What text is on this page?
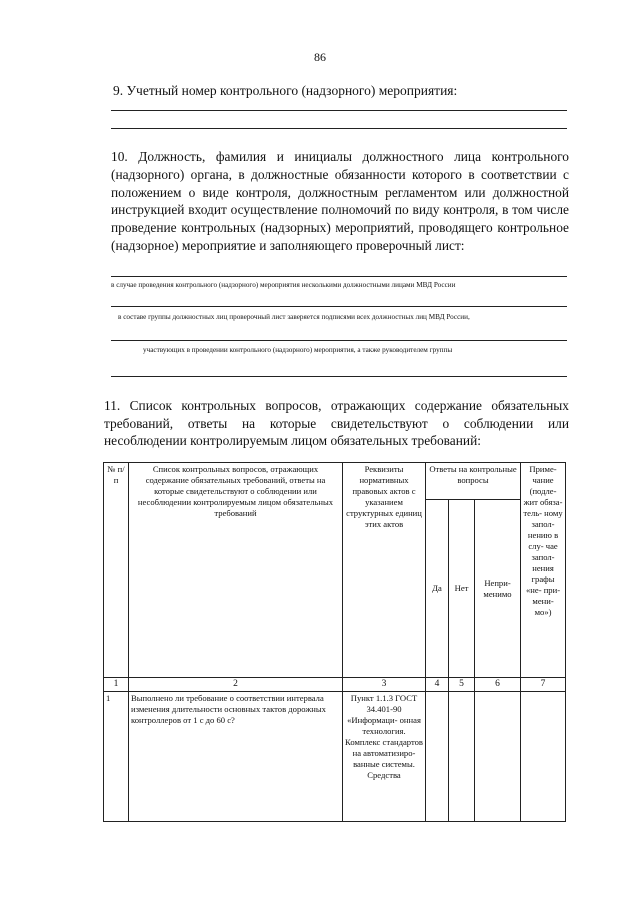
86
9. Учетный номер контрольного (надзорного) мероприятия:
10. Должность, фамилия и инициалы должностного лица контрольного (надзорного) органа, в должностные обязанности которого в соответствии с положением о виде контроля, должностным регламентом или должностной инструкцией входит осуществление полномочий по виду контроля, в том числе проведение контрольных (надзорных) мероприятий, проводящего контрольное (надзорное) мероприятие и заполняющего проверочный лист:
в случае проведения контрольного (надзорного) мероприятия несколькими должностными лицами МВД России
в составе группы должностных лиц проверочный лист заверяется подписями всех должностных лиц МВД России,
участвующих в проведении контрольного (надзорного) мероприятия, а также руководителем группы
11. Список контрольных вопросов, отражающих содержание обязательных требований, ответы на которые свидетельствуют о соблюдении или несоблюдении контролируемым лицом обязательных требований:
№ п/п	Список контрольных вопросов, отражающих содержание обязательных требований, ответы на которые свидетельствуют о соблюдении или несоблюдении контролируемым лицом обязательных требований	Реквизиты нормативных правовых актов с указанием структурных единиц этих актов	Ответы на контрольные вопросы			Приме- чание (подле- жит обяза- тель- ному запол- нению в слу- чае запол- нения графы «не- при- мени- мо»)
			Да	Нет	Непри- менимо	
1	2	3	4	5	6	7
1	Выполнено ли требование о соответствии интервала изменения длительности основных тактов дорожных контроллеров от 1 с до 60 с?	Пункт 1.1.3 ГОСТ 34.401-90 «Информаци- онная технология. Комплекс стандартов на автоматизиро- ванные системы. Средства				
